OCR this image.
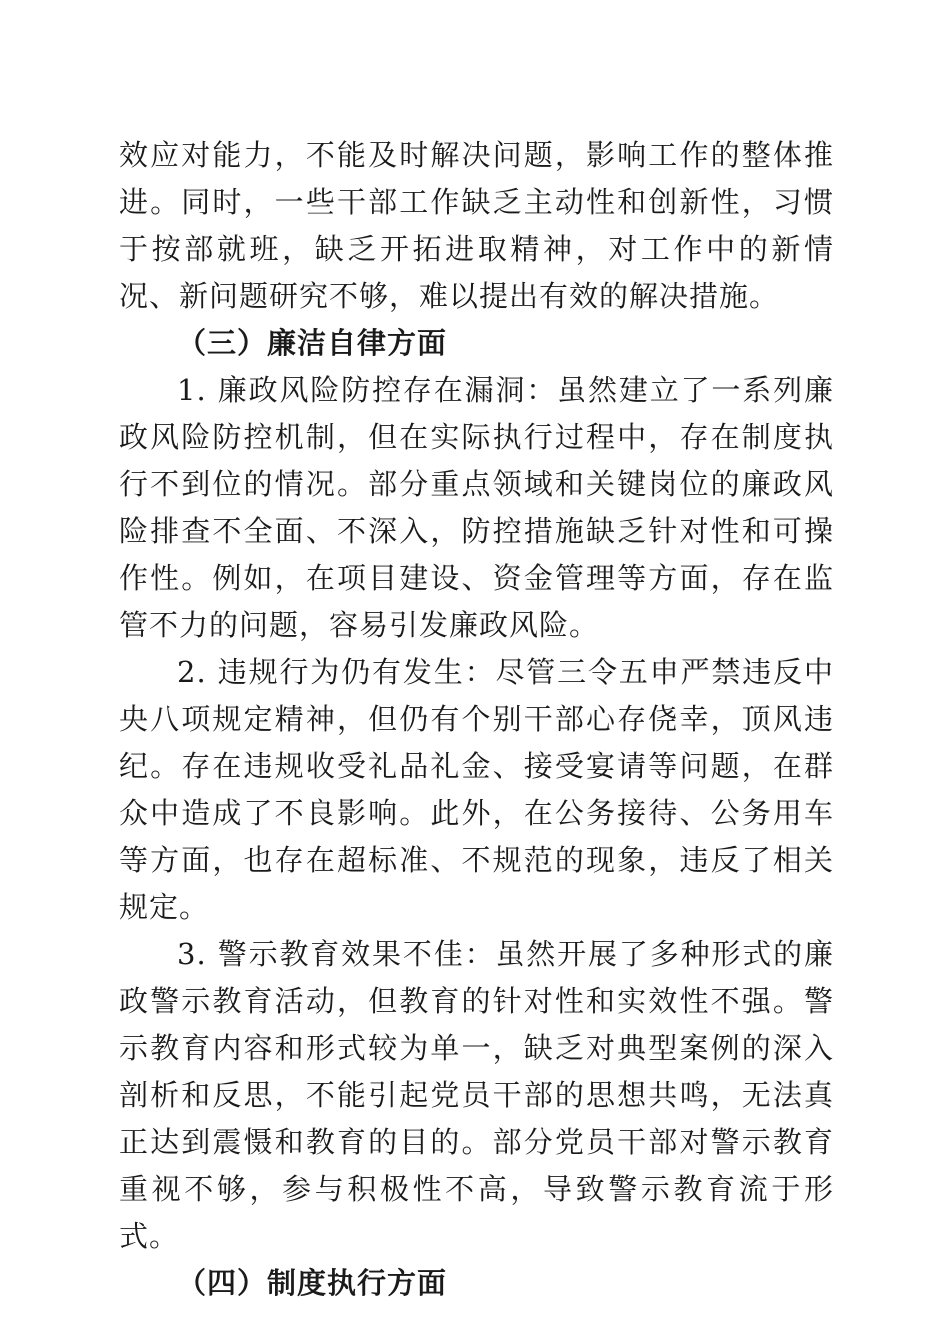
效应对能力，不能及时解决问题，影响工作的整体推进。同时，一些干部工作缺乏主动性和创新性，习惯于按部就班，缺乏开拓进取精神，对工作中的新情况、新问题研究不够，难以提出有效的解决措施。

（三）廉洁自律方面

1. 廉政风险防控存在漏洞：虽然建立了一系列廉政风险防控机制，但在实际执行过程中，存在制度执行不到位的情况。部分重点领域和关键岗位的廉政风险排查不全面、不深入，防控措施缺乏针对性和可操作性。例如，在项目建设、资金管理等方面，存在监管不力的问题，容易引发廉政风险。

2. 违规行为仍有发生：尽管三令五申严禁违反中央八项规定精神，但仍有个别干部心存侥幸，顶风违纪。存在违规收受礼品礼金、接受宴请等问题，在群众中造成了不良影响。此外，在公务接待、公务用车等方面，也存在超标准、不规范的现象，违反了相关规定。

3. 警示教育效果不佳：虽然开展了多种形式的廉政警示教育活动，但教育的针对性和实效性不强。警示教育内容和形式较为单一，缺乏对典型案例的深入剖析和反思，不能引起党员干部的思想共鸣，无法真正达到震慑和教育的目的。部分党员干部对警示教育重视不够，参与积极性不高，导致警示教育流于形式。

（四）制度执行方面
